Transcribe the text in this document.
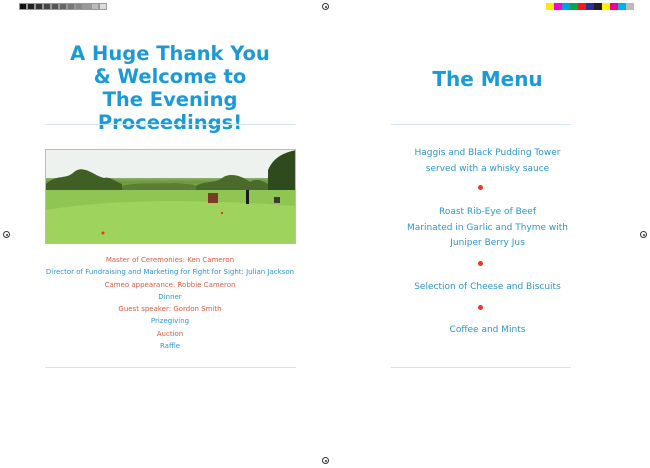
A Huge Thank You
& Welcome to
The Evening Proceedings!
Master of Ceremonies: Ken Cameron
Director of Fundraising and Marketing for Fight for Sight: Julian Jackson
Cameo appearance: Robbie Cameron
Dinner
Guest speaker: Gordon Smith
Prizegiving
Auction
Raffle
The Menu
Haggis and Black Pudding Tower
served with a whisky sauce
Roast Rib-Eye of Beef
Marinated in Garlic and Thyme with
Juniper Berry Jus
Selection of Cheese and Biscuits
Coffee and Mints
